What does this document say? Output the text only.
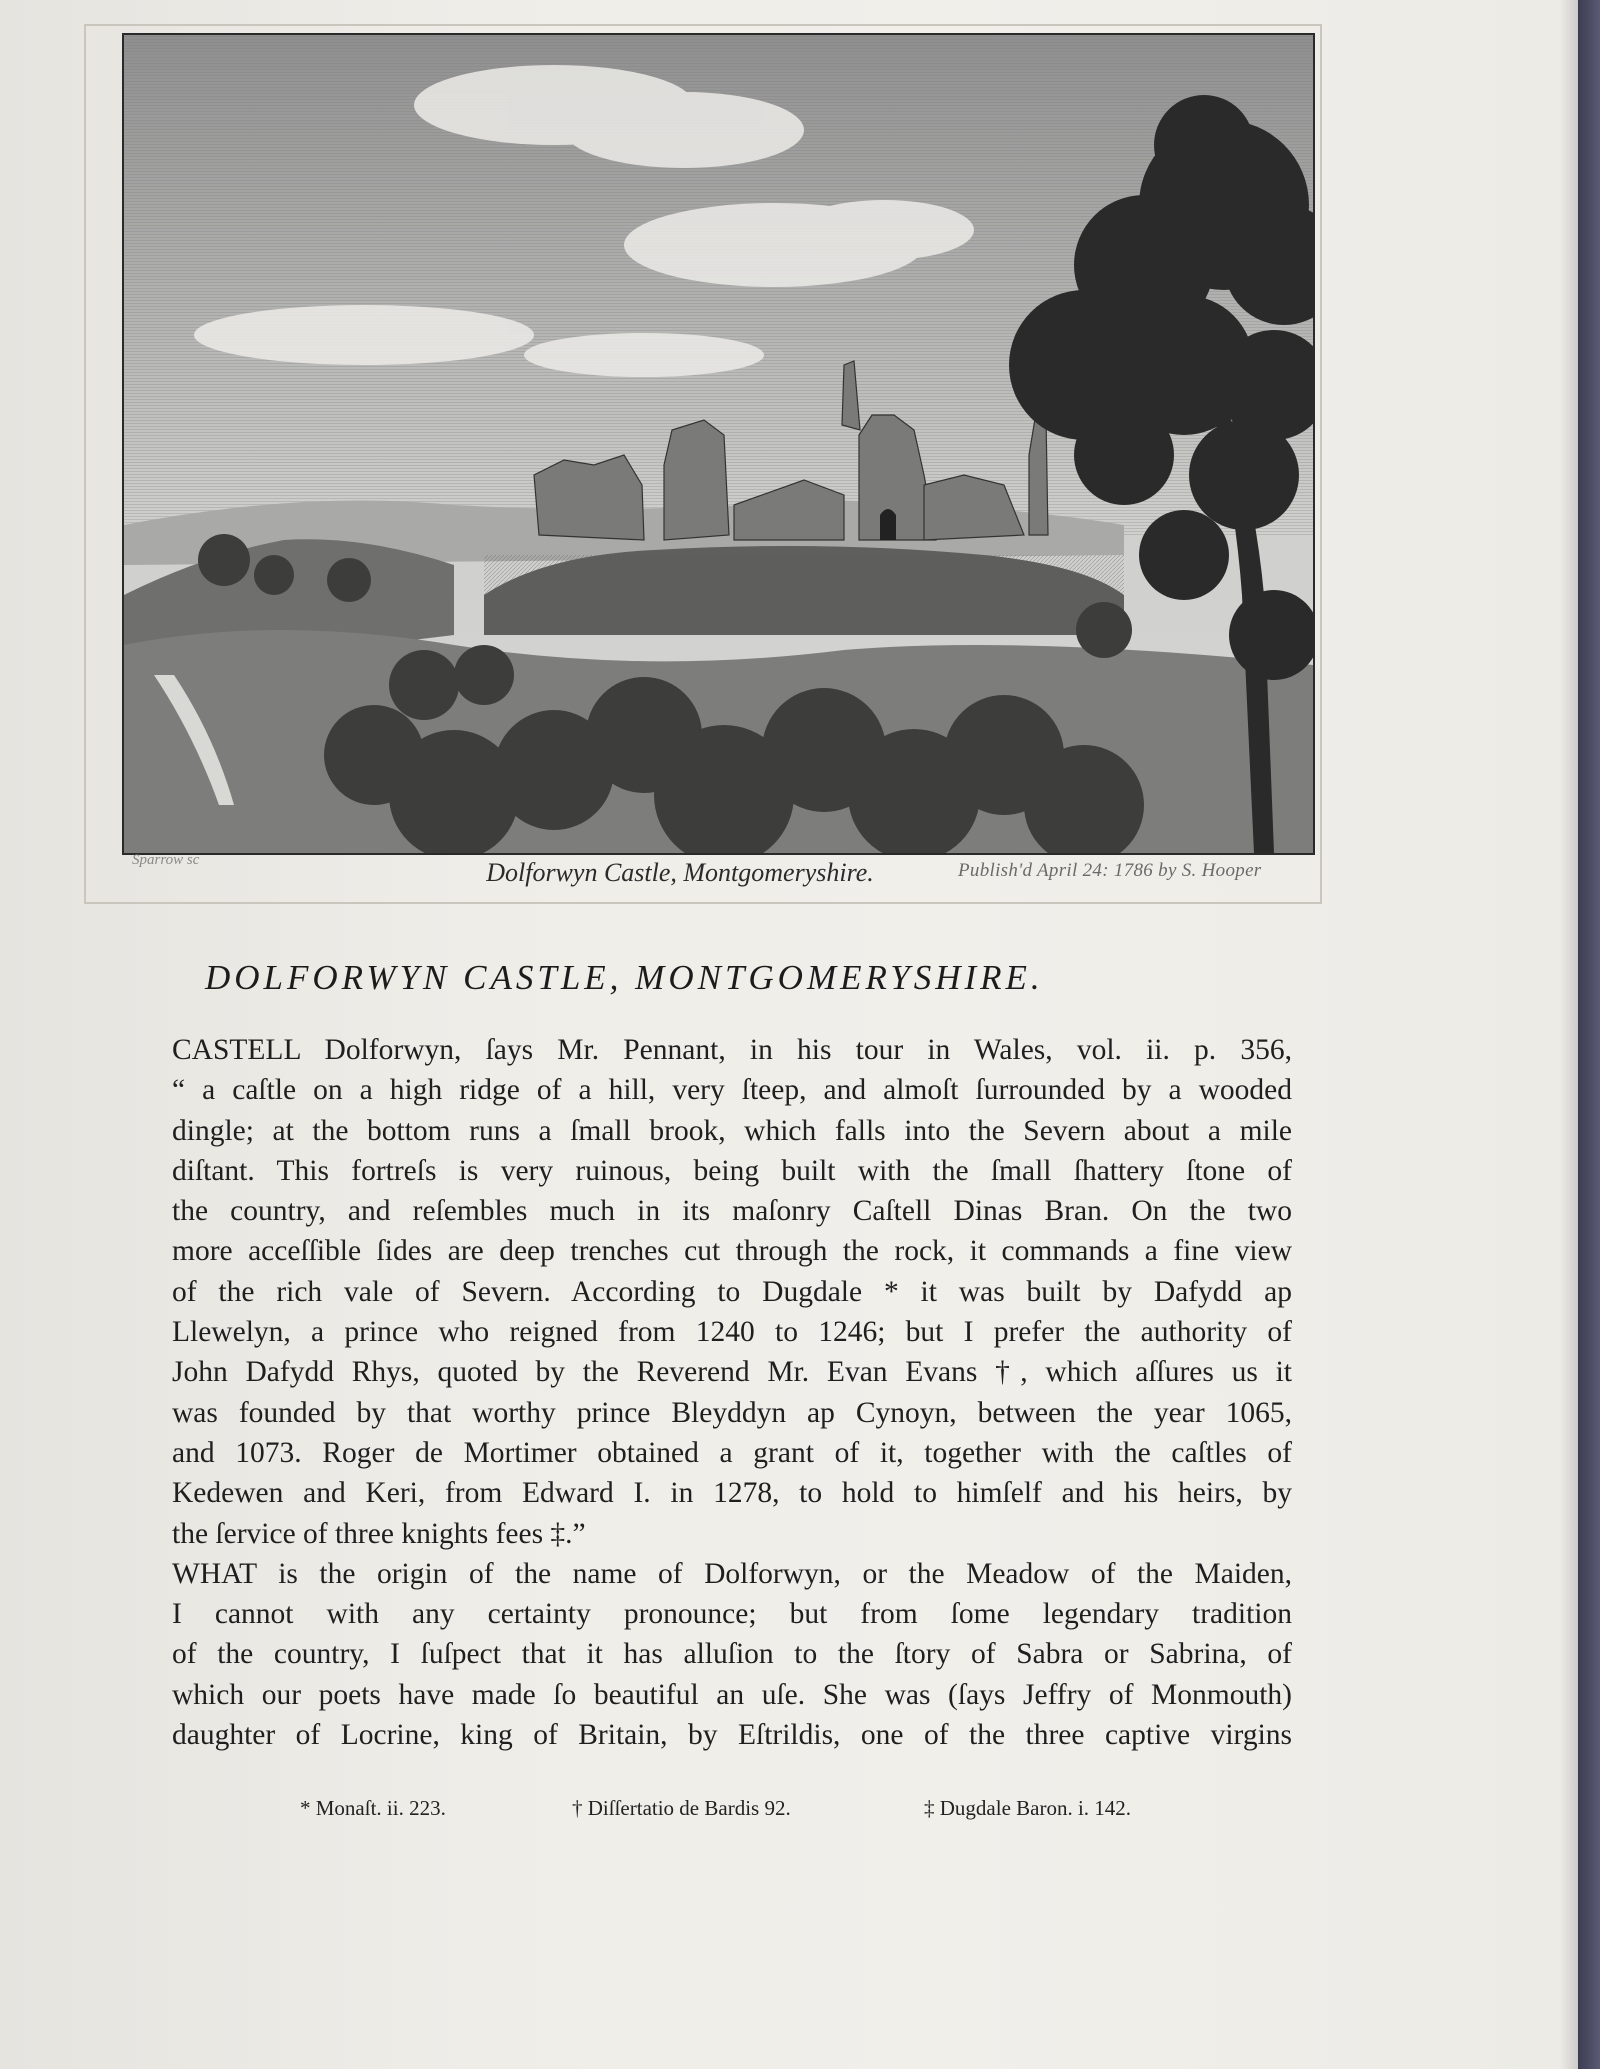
Sparrow sc	Dolforwyn Castle, Montgomeryshire.	Publish'd April 24: 1786 by S. Hooper
DOLFORWYN CASTLE, MONTGOMERYSHIRE.
CASTELL Dolforwyn, ſays Mr. Pennant, in his tour in Wales, vol. ii. p. 356,
“ a caſtle on a high ridge of a hill, very ſteep, and almoſt ſurrounded by a wooded
dingle; at the bottom runs a ſmall brook, which falls into the Severn about a mile
diſtant. This fortreſs is very ruinous, being built with the ſmall ſhattery ſtone of
the country, and reſembles much in its maſonry Caſtell Dinas Bran. On the two
more acceſſible ſides are deep trenches cut through the rock, it commands a fine view
of the rich vale of Severn. According to Dugdale * it was built by Dafydd ap
Llewelyn, a prince who reigned from 1240 to 1246; but I prefer the authority of
John Dafydd Rhys, quoted by the Reverend Mr. Evan Evans †, which aſſures us it
was founded by that worthy prince Bleyddyn ap Cynoyn, between the year 1065,
and 1073. Roger de Mortimer obtained a grant of it, together with the caſtles of
Kedewen and Keri, from Edward I. in 1278, to hold to himſelf and his heirs, by
the ſervice of three knights fees ‡.”
WHAT is the origin of the name of Dolforwyn, or the Meadow of the Maiden,
I cannot with any certainty pronounce; but from ſome legendary tradition
of the country, I ſuſpect that it has alluſion to the ſtory of Sabra or Sabrina, of
which our poets have made ſo beautiful an uſe. She was (ſays Jeffry of Monmouth)
daughter of Locrine, king of Britain, by Eſtrildis, one of the three captive virgins
* Monaſt. ii. 223.	† Diſſertatio de Bardis 92.	‡ Dugdale Baron. i. 142.
